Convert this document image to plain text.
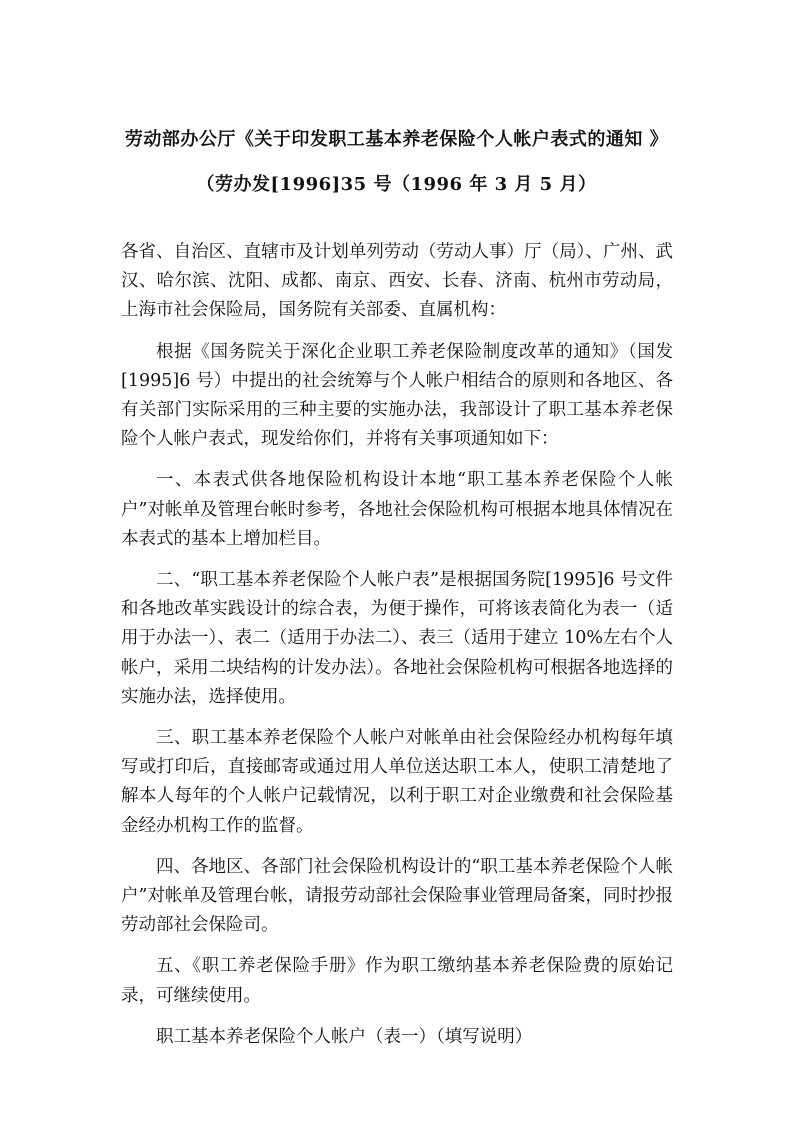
劳动部办公厅《关于印发职工基本养老保险个人帐户表式的通知 》
（劳办发[1996]35 号（1996 年 3 月 5 月）

各省、自治区、直辖市及计划单列劳动（劳动人事）厅（局）、广州、武汉、哈尔滨、沈阳、成都、南京、西安、长春、济南、杭州市劳动局，上海市社会保险局，国务院有关部委、直属机构：

根据《国务院关于深化企业职工养老保险制度改革的通知》（国发[1995]6 号）中提出的社会统筹与个人帐户相结合的原则和各地区、各有关部门实际采用的三种主要的实施办法，我部设计了职工基本养老保险个人帐户表式，现发给你们，并将有关事项通知如下：

一、本表式供各地保险机构设计本地“职工基本养老保险个人帐户”对帐单及管理台帐时参考，各地社会保险机构可根据本地具体情况在本表式的基本上增加栏目。

二、“职工基本养老保险个人帐户表”是根据国务院[1995]6 号文件和各地改革实践设计的综合表，为便于操作，可将该表简化为表一（适用于办法一）、表二（适用于办法二）、表三（适用于建立 10%左右个人帐户，采用二块结构的计发办法）。各地社会保险机构可根据各地选择的实施办法，选择使用。

三、职工基本养老保险个人帐户对帐单由社会保险经办机构每年填写或打印后，直接邮寄或通过用人单位送达职工本人，使职工清楚地了解本人每年的个人帐户记载情况，以利于职工对企业缴费和社会保险基金经办机构工作的监督。

四、各地区、各部门社会保险机构设计的“职工基本养老保险个人帐户”对帐单及管理台帐，请报劳动部社会保险事业管理局备案，同时抄报劳动部社会保险司。

五、《职工养老保险手册》作为职工缴纳基本养老保险费的原始记录，可继续使用。

职工基本养老保险个人帐户（表一）（填写说明）
